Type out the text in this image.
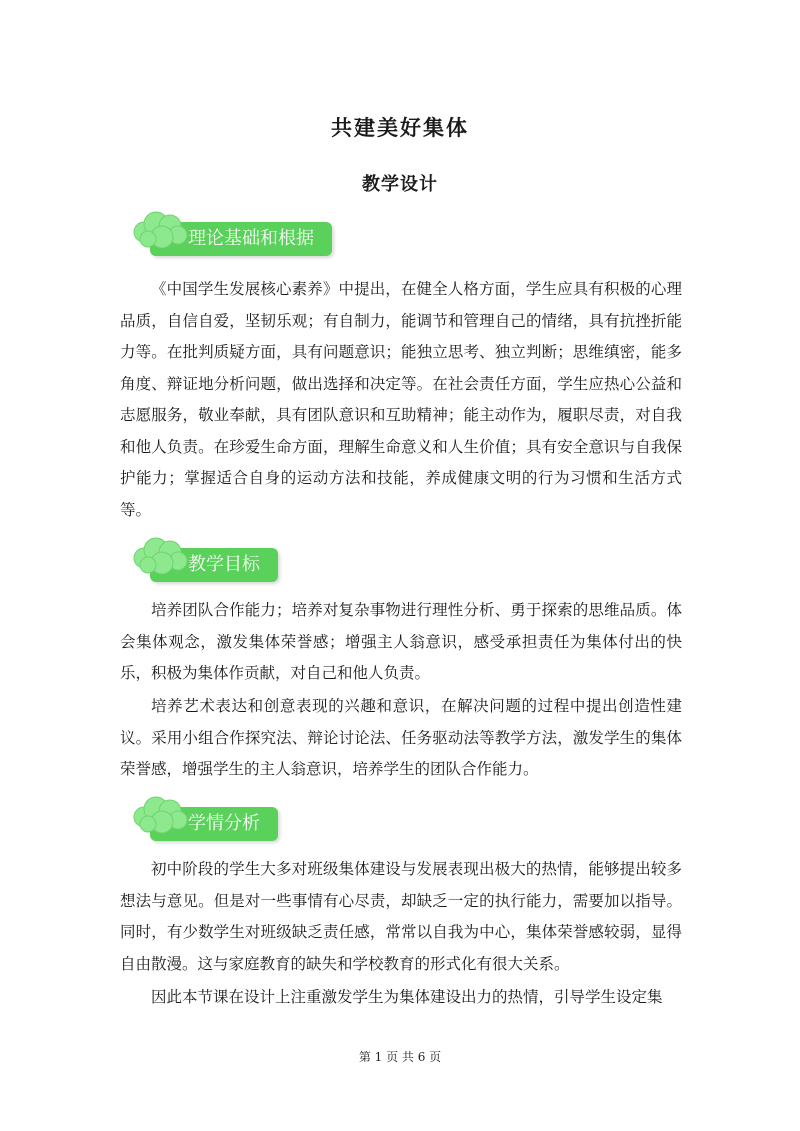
共建美好集体
教学设计
理论基础和根据

《中国学生发展核心素养》中提出，在健全人格方面，学生应具有积极的心理品质，自信自爱，坚韧乐观；有自制力，能调节和管理自己的情绪，具有抗挫折能力等。在批判质疑方面，具有问题意识；能独立思考、独立判断；思维缜密，能多角度、辩证地分析问题，做出选择和决定等。在社会责任方面，学生应热心公益和志愿服务，敬业奉献，具有团队意识和互助精神；能主动作为，履职尽责，对自我和他人负责。在珍爱生命方面，理解生命意义和人生价值；具有安全意识与自我保护能力；掌握适合自身的运动方法和技能，养成健康文明的行为习惯和生活方式等。

教学目标

培养团队合作能力；培养对复杂事物进行理性分析、勇于探索的思维品质。体会集体观念，激发集体荣誉感；增强主人翁意识，感受承担责任为集体付出的快乐，积极为集体作贡献，对自己和他人负责。

培养艺术表达和创意表现的兴趣和意识，在解决问题的过程中提出创造性建议。采用小组合作探究法、辩论讨论法、任务驱动法等教学方法，激发学生的集体荣誉感，增强学生的主人翁意识，培养学生的团队合作能力。

学情分析

初中阶段的学生大多对班级集体建设与发展表现出极大的热情，能够提出较多想法与意见。但是对一些事情有心尽责，却缺乏一定的执行能力，需要加以指导。同时，有少数学生对班级缺乏责任感，常常以自我为中心，集体荣誉感较弱，显得自由散漫。这与家庭教育的缺失和学校教育的形式化有很大关系。

因此本节课在设计上注重激发学生为集体建设出力的热情，引导学生设定集

第 1 页 共 6 页
